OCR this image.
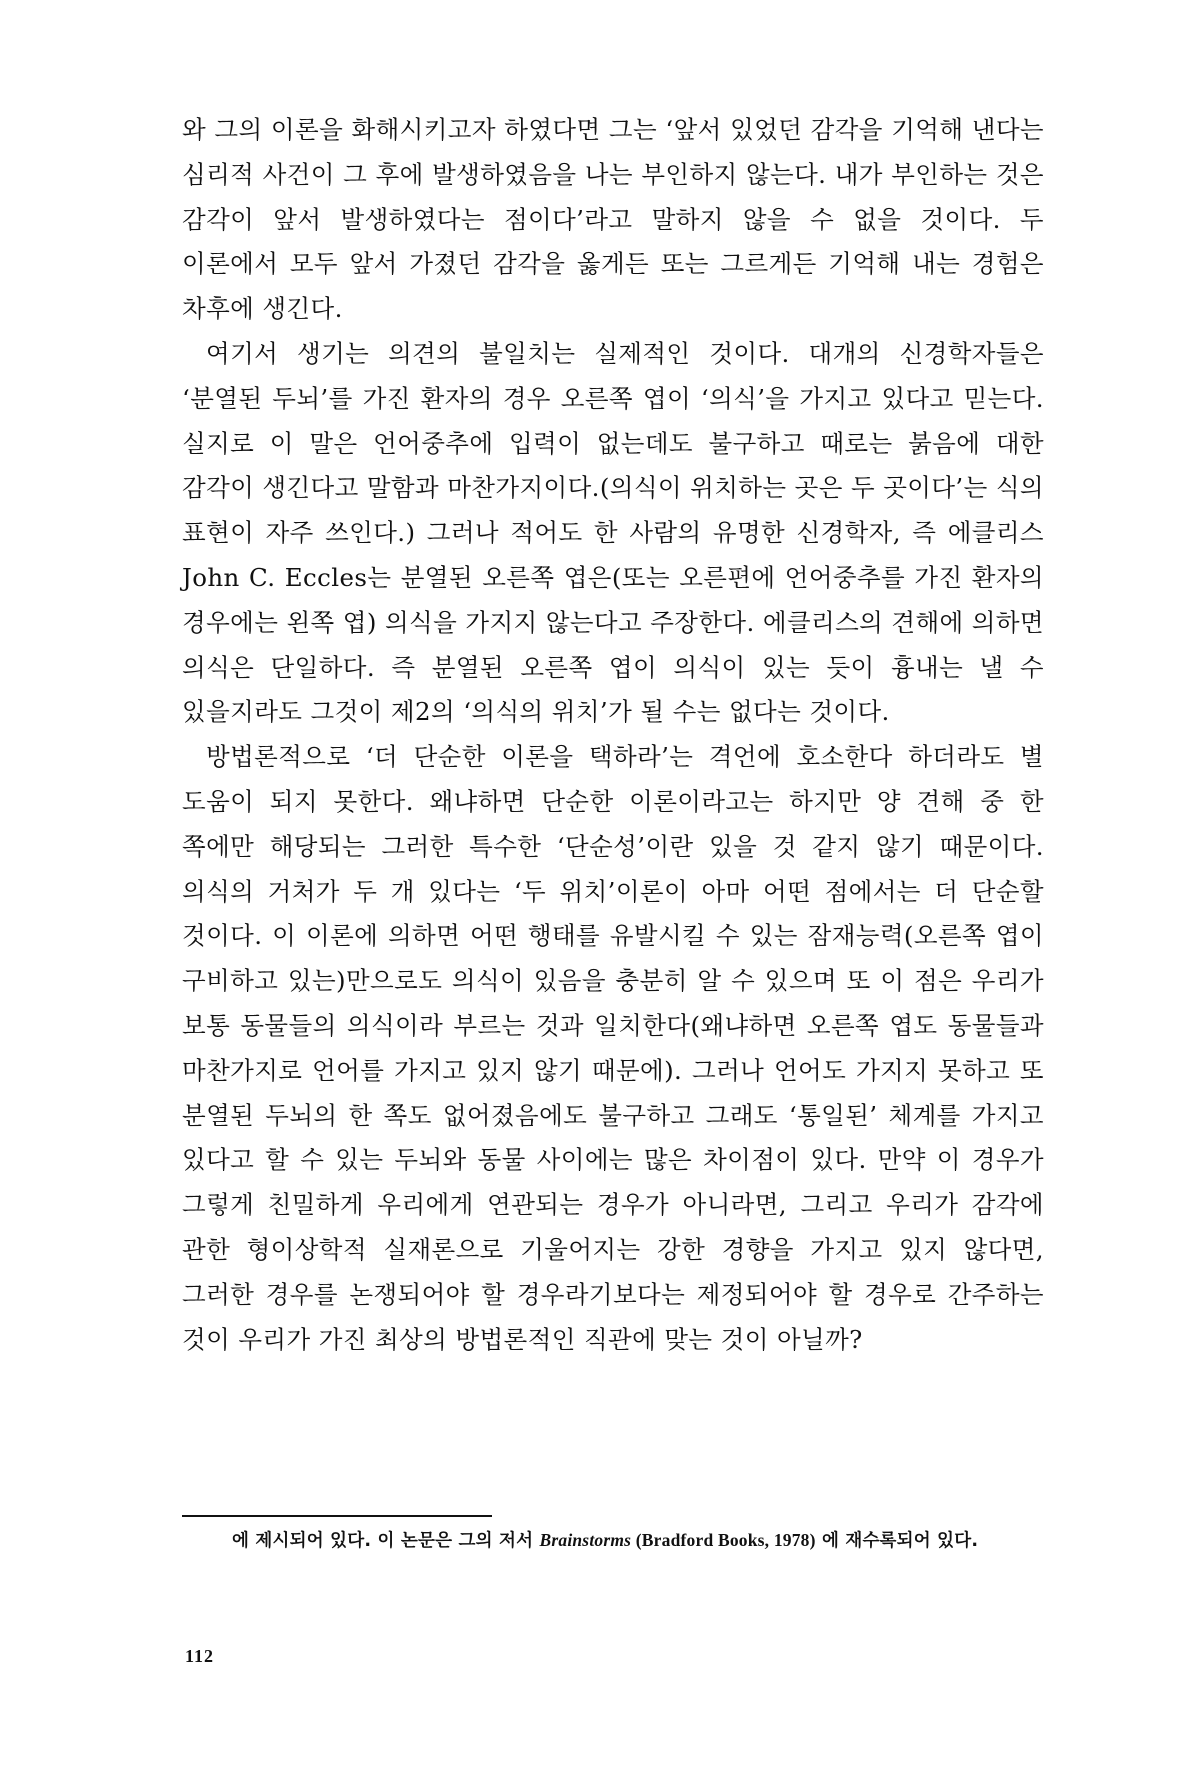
와 그의 이론을 화해시키고자 하였다면 그는 ‘앞서 있었던 감각을 기억해 낸다는 심리적 사건이 그 후에 발생하였음을 나는 부인하지 않는다. 내가 부인하는 것은 감각이 앞서 발생하였다는 점이다’라고 말하지 않을 수 없을 것이다. 두 이론에서 모두 앞서 가졌던 감각을 옳게든 또는 그르게든 기억해 내는 경험은 차후에 생긴다.

여기서 생기는 의견의 불일치는 실제적인 것이다. 대개의 신경학자들은 ‘분열된 두뇌’를 가진 환자의 경우 오른쪽 엽이 ‘의식’을 가지고 있다고 믿는다. 실지로 이 말은 언어중추에 입력이 없는데도 불구하고 때로는 붉음에 대한 감각이 생긴다고 말함과 마찬가지이다.(의식이 위치하는 곳은 두 곳이다’는 식의 표현이 자주 쓰인다.) 그러나 적어도 한 사람의 유명한 신경학자, 즉 에클리스 John C. Eccles는 분열된 오른쪽 엽은(또는 오른편에 언어중추를 가진 환자의 경우에는 왼쪽 엽) 의식을 가지지 않는다고 주장한다. 에클리스의 견해에 의하면 의식은 단일하다. 즉 분열된 오른쪽 엽이 의식이 있는 듯이 흉내는 낼 수 있을지라도 그것이 제2의 ‘의식의 위치’가 될 수는 없다는 것이다.

방법론적으로 ‘더 단순한 이론을 택하라’는 격언에 호소한다 하더라도 별 도움이 되지 못한다. 왜냐하면 단순한 이론이라고는 하지만 양 견해 중 한 쪽에만 해당되는 그러한 특수한 ‘단순성’이란 있을 것 같지 않기 때문이다. 의식의 거처가 두 개 있다는 ‘두 위치’이론이 아마 어떤 점에서는 더 단순할 것이다. 이 이론에 의하면 어떤 행태를 유발시킬 수 있는 잠재능력(오른쪽 엽이 구비하고 있는)만으로도 의식이 있음을 충분히 알 수 있으며 또 이 점은 우리가 보통 동물들의 의식이라 부르는 것과 일치한다(왜냐하면 오른쪽 엽도 동물들과 마찬가지로 언어를 가지고 있지 않기 때문에). 그러나 언어도 가지지 못하고 또 분열된 두뇌의 한 쪽도 없어졌음에도 불구하고 그래도 ‘통일된’ 체계를 가지고 있다고 할 수 있는 두뇌와 동물 사이에는 많은 차이점이 있다. 만약 이 경우가 그렇게 친밀하게 우리에게 연관되는 경우가 아니라면, 그리고 우리가 감각에 관한 형이상학적 실재론으로 기울어지는 강한 경향을 가지고 있지 않다면, 그러한 경우를 논쟁되어야 할 경우라기보다는 제정되어야 할 경우로 간주하는 것이 우리가 가진 최상의 방법론적인 직관에 맞는 것이 아닐까?

에 제시되어 있다. 이 논문은 그의 저서 Brainstorms (Bradford Books, 1978) 에 재수록되어 있다.

112
